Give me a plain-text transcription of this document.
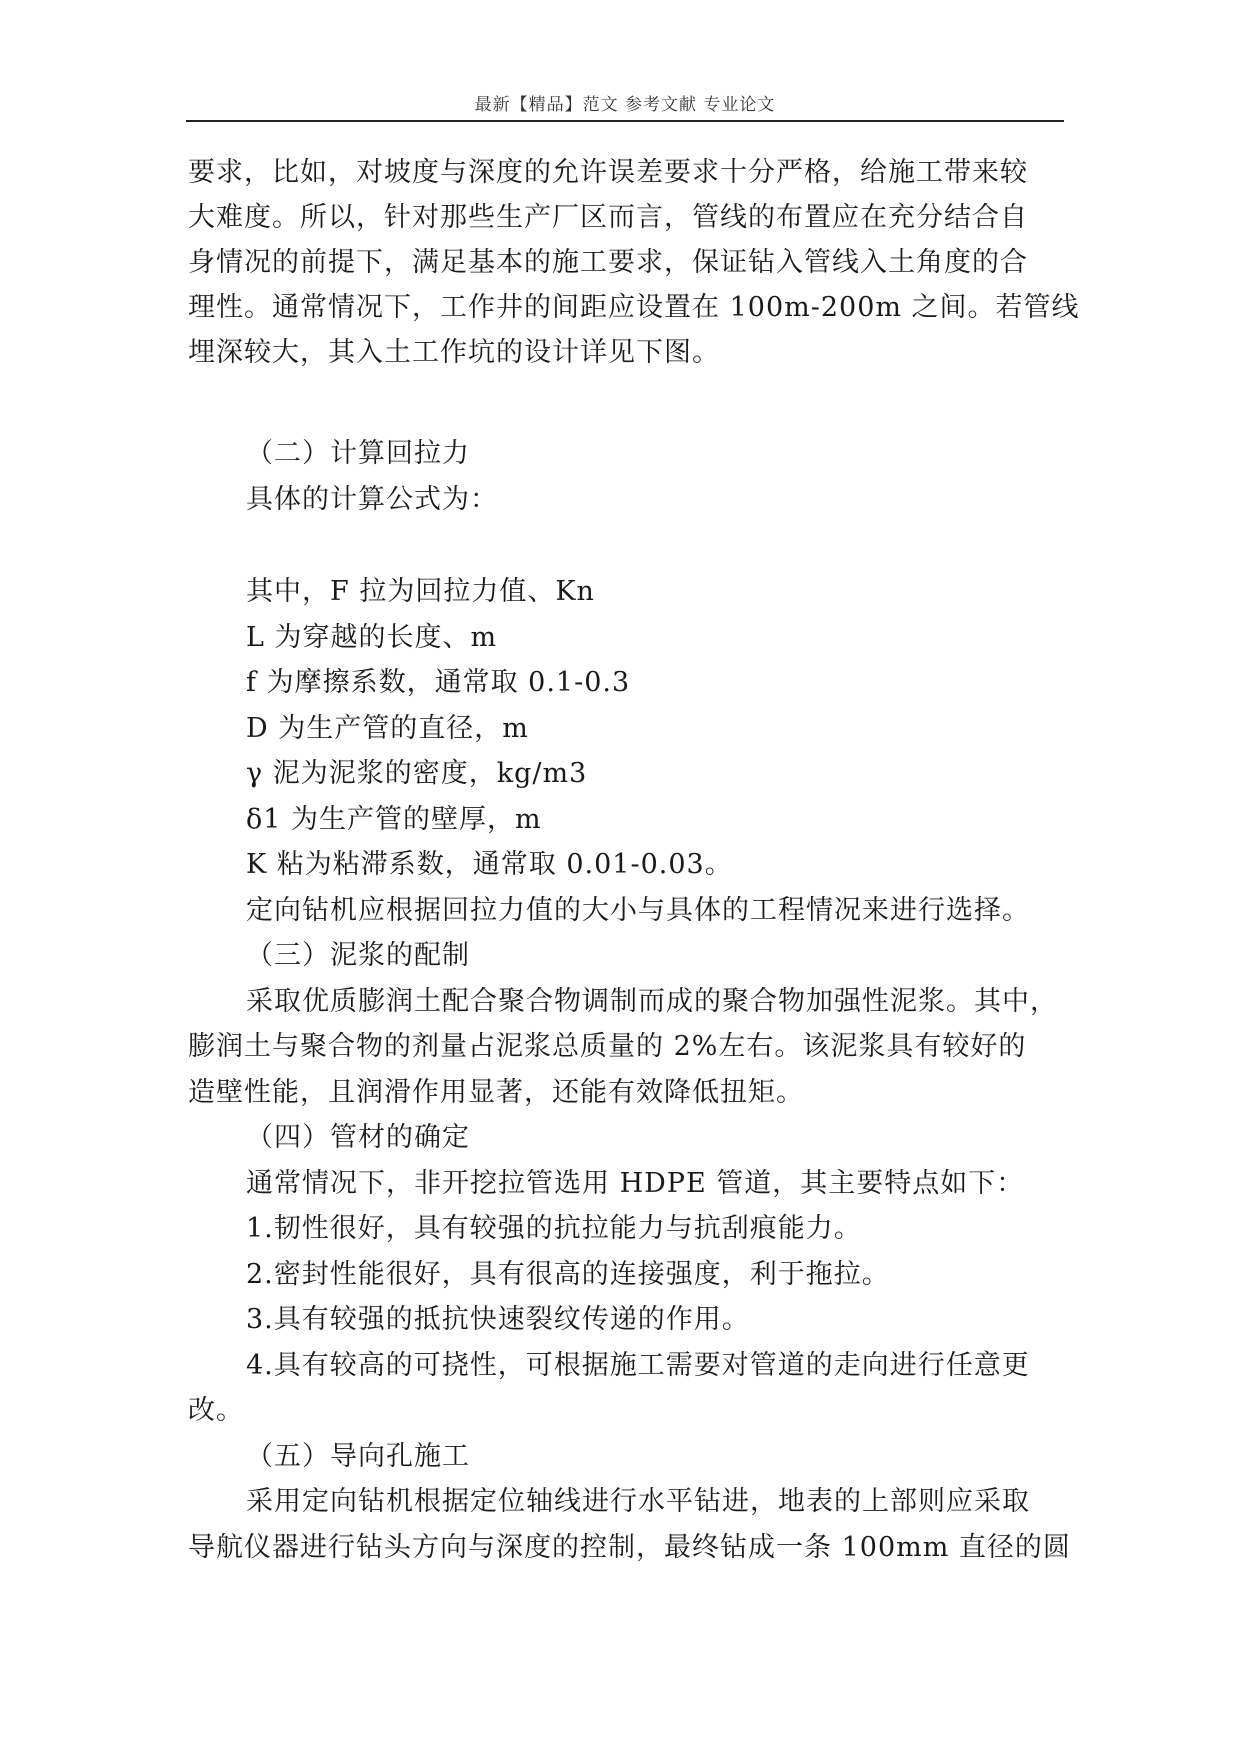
最新【精品】范文 参考文献 专业论文
要求，比如，对坡度与深度的允许误差要求十分严格，给施工带来较
大难度。所以，针对那些生产厂区而言，管线的布置应在充分结合自
身情况的前提下，满足基本的施工要求，保证钻入管线入土角度的合
理性。通常情况下，工作井的间距应设置在 100m-200m 之间。若管线
埋深较大，其入土工作坑的设计详见下图。
（二）计算回拉力
具体的计算公式为：
其中，F 拉为回拉力值、Kn
L 为穿越的长度、m
f 为摩擦系数，通常取 0.1-0.3
D 为生产管的直径，m
γ 泥为泥浆的密度，kg/m3
δ1 为生产管的壁厚，m
K 粘为粘滞系数，通常取 0.01-0.03。
定向钻机应根据回拉力值的大小与具体的工程情况来进行选择。
（三）泥浆的配制
采取优质膨润土配合聚合物调制而成的聚合物加强性泥浆。其中，
膨润土与聚合物的剂量占泥浆总质量的 2%左右。该泥浆具有较好的
造壁性能，且润滑作用显著，还能有效降低扭矩。
（四）管材的确定
通常情况下，非开挖拉管选用 HDPE 管道，其主要特点如下：
1.韧性很好，具有较强的抗拉能力与抗刮痕能力。
2.密封性能很好，具有很高的连接强度，利于拖拉。
3.具有较强的抵抗快速裂纹传递的作用。
4.具有较高的可挠性，可根据施工需要对管道的走向进行任意更
改。
（五）导向孔施工
采用定向钻机根据定位轴线进行水平钻进，地表的上部则应采取
导航仪器进行钻头方向与深度的控制，最终钻成一条 100mm 直径的圆
